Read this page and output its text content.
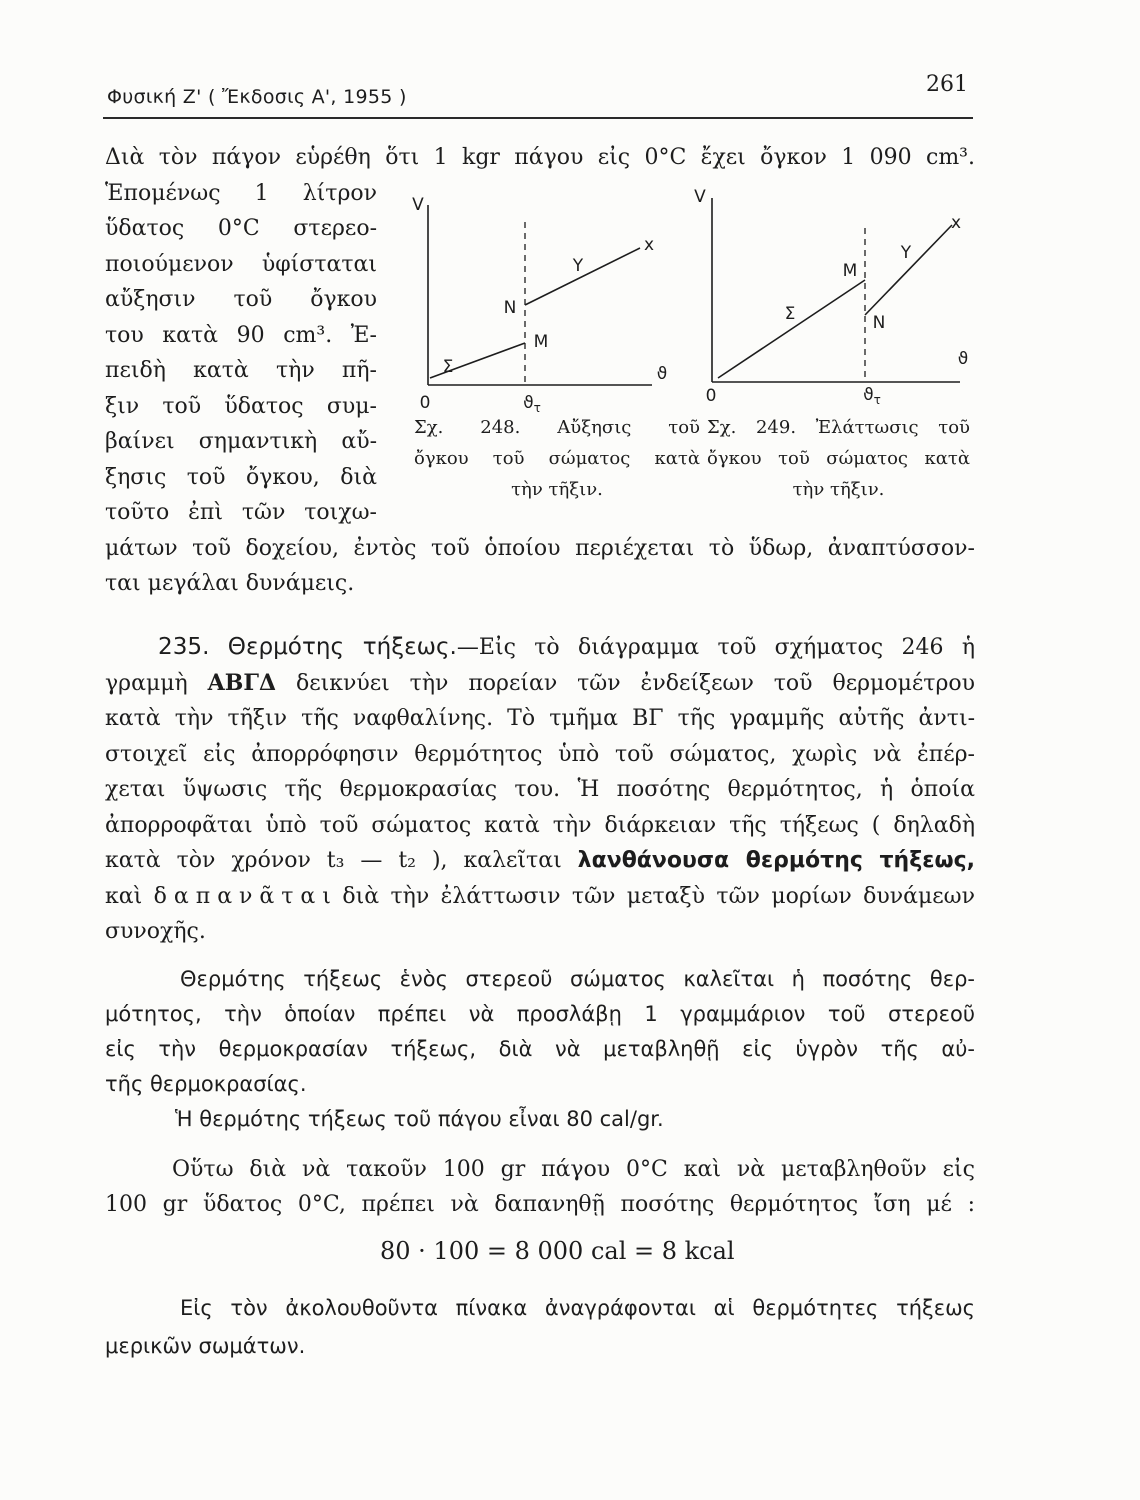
Φυσική Ζ' ( Ἔκδοσις Α', 1955 )	261
Διὰ τὸν πάγον εὑρέθη ὅτι 1 kgr πάγου εἰς 0°C ἔχει ὄγκον 1 090 cm³.
Ἑπομένως 1 λίτρον
ὕδατος 0°C στερεο-
ποιούμενον ὑφίσταται
αὔξησιν τοῦ ὄγκου
του κατὰ 90 cm³. Ἐ-
πειδὴ κατὰ τὴν πῆ-
ξιν τοῦ ὕδατος συμ-
βαίνει σημαντικὴ αὔ-
ξησις τοῦ ὄγκου, διὰ
τοῦτο ἐπὶ τῶν τοιχω-
μάτων τοῦ δοχείου, ἐντὸς τοῦ ὁποίου περιέχεται τὸ ὕδωρ, ἀναπτύσσον-
ται μεγάλαι δυνάμεις.
V
ϑ
0
Σ
Μ
Ν
Υ
x
$ϑ_\tau$
V
ϑ
0
Σ
Μ
Ν
Υ
x
$ϑ_\tau$
Σχ. 248. Αὔξησις τοῦ
ὄγκου τοῦ σώματος κατὰ
τὴν τῆξιν.
Σχ. 249. Ἐλάττωσις τοῦ
ὄγκου τοῦ σώματος κατὰ
τὴν τῆξιν.
235. Θερμότης τήξεως.—Εἰς τὸ διάγραμμα τοῦ σχήματος 246 ἡ
γραμμὴ ΑΒΓΔ δεικνύει τὴν πορείαν τῶν ἐνδείξεων τοῦ θερμομέτρου
κατὰ τὴν τῆξιν τῆς ναφθαλίνης. Τὸ τμῆμα ΒΓ τῆς γραμμῆς αὐτῆς ἀντι-
στοιχεῖ εἰς ἀπορρόφησιν θερμότητος ὑπὸ τοῦ σώματος, χωρὶς νὰ ἐπέρ-
χεται ὕψωσις τῆς θερμοκρασίας του. Ἡ ποσότης θερμότητος, ἡ ὁποία
ἀπορροφᾶται ὑπὸ τοῦ σώματος κατὰ τὴν διάρκειαν τῆς τήξεως ( δηλαδὴ
κατὰ τὸν χρόνον t₃ — t₂ ), καλεῖται λανθάνουσα θερμότης τήξεως,
καὶ δ α π α ν ᾶ τ α ι διὰ τὴν ἐλάττωσιν τῶν μεταξὺ τῶν μορίων δυνάμεων
συνοχῆς.
Θερμότης τήξεως ἑνὸς στερεοῦ σώματος καλεῖται ἡ ποσότης θερ-
μότητος, τὴν ὁποίαν πρέπει νὰ προσλάβῃ 1 γραμμάριον τοῦ στερεοῦ
εἰς τὴν θερμοκρασίαν τήξεως, διὰ νὰ μεταβληθῇ εἰς ὑγρὸν τῆς αὐ-
τῆς θερμοκρασίας.
Ἡ θερμότης τήξεως τοῦ πάγου εἶναι 80 cal/gr.
Οὕτω διὰ νὰ τακοῦν 100 gr πάγου 0°C καὶ νὰ μεταβληθοῦν εἰς
100 gr ὕδατος 0°C, πρέπει νὰ δαπανηθῇ ποσότης θερμότητος ἴση μέ :
80 · 100 = 8 000 cal = 8 kcal
Εἰς τὸν ἀκολουθοῦντα πίνακα ἀναγράφονται αἱ θερμότητες τήξεως
μερικῶν σωμάτων.
